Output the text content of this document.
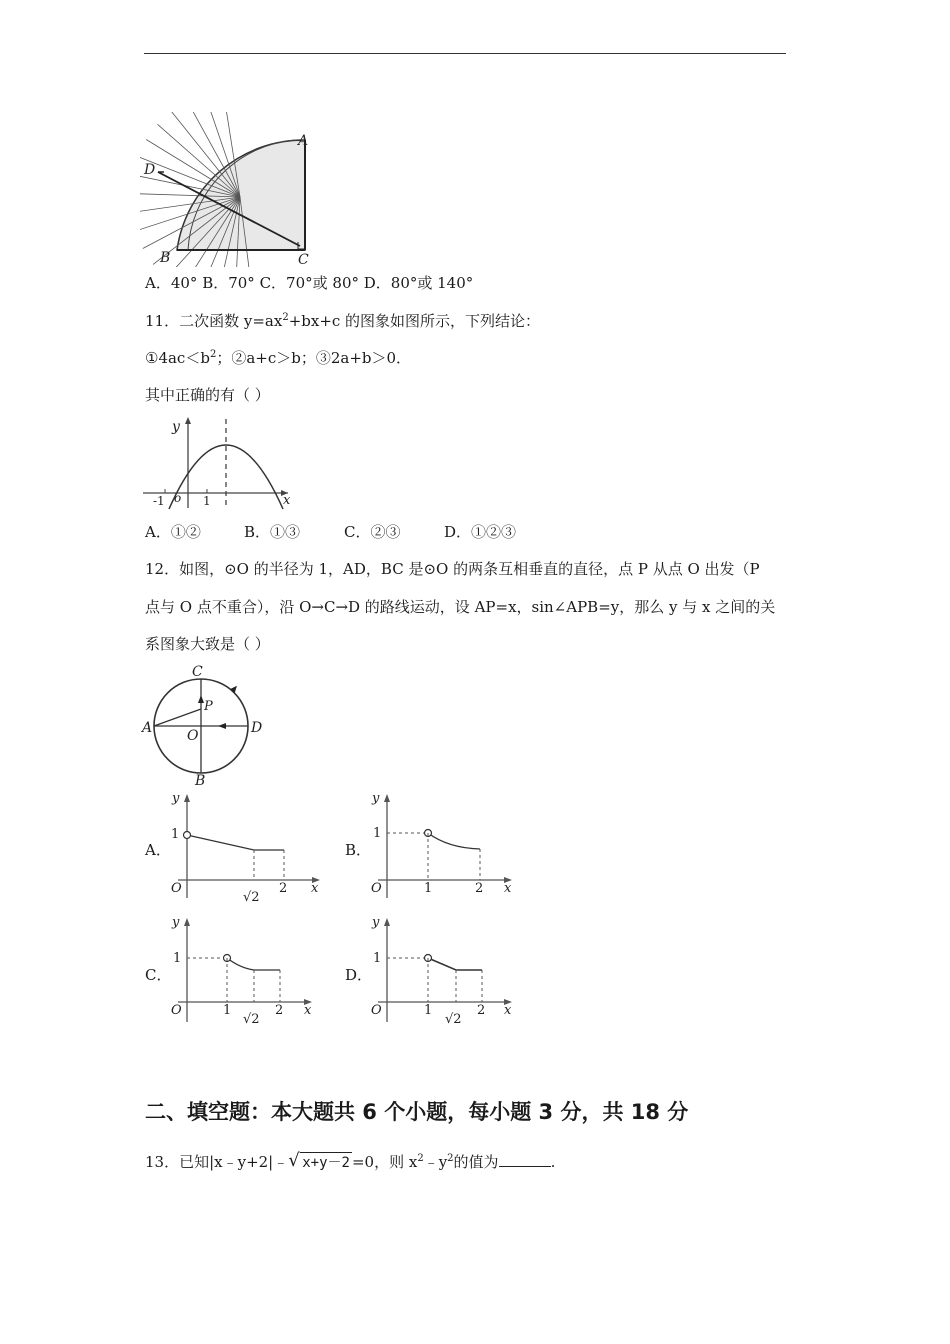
A
D
B	C
A．40° B．70° C．70°或 80° D．80°或 140°
11．二次函数 $y=ax^2+bx+c$ 的图象如图所示，下列结论：
$①4ac<b^2$；②a+c＞b；③2a+b＞0．
其中正确的有（ ）
y
x
-1 o 1
A．①②	B．①③	C．②③	D．①②③
12．如图，⊙O 的半径为 1，AD，BC 是⊙O 的两条互相垂直的直径，点 P 从点 O 出发（P
点与 O 点不重合），沿 O→C→D 的路线运动，设 AP=x，sin∠APB=y，那么 y 与 x 之间的关
系图象大致是（ ）
C
A	D
B
O
P
A．	B．
C．	D．
y
1
O
√2
2 x
y
1
O	1	2 x
y
1
O	1
√2
2 x
y
1
O	1
√2
2 x
二、填空题：本大题共 6 个小题，每小题 3 分，共 18 分
13．已知|x﹣y+2|﹣√ x+y－2 =0，则 $x^2﹣y^2$的值为	.
